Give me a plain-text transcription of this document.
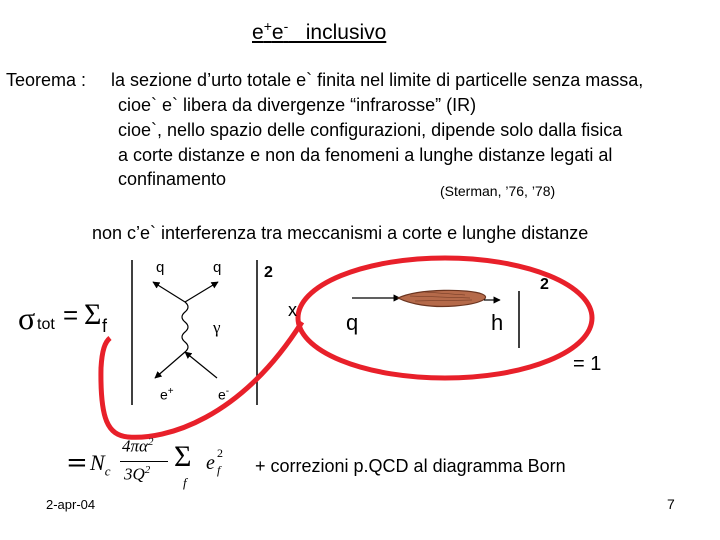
e+e-_ inclusivo
Teorema : la sezione d’urto totale e` finita nel limite di particelle senza massa,
cioe` e` libera da divergenze “infrarosse” (IR)
cioe`, nello spazio delle configurazioni, dipende solo dalla fisica
a corte distanze e non da fenomeni a lunghe distanze legati al
confinamento
(Sterman, ’76, ’78)
non c’e` interferenza tra meccanismi a corte e lunghe distanze
σ tot = Σ f
q	q
γ
e+	e-
2
x q	h
2
= 1
= $N_c$
$4\pi\alpha^2$
$3Q^2$ Σ
f
e 2
f + correzioni p.QCD al diagramma Born
2-apr-04	7
